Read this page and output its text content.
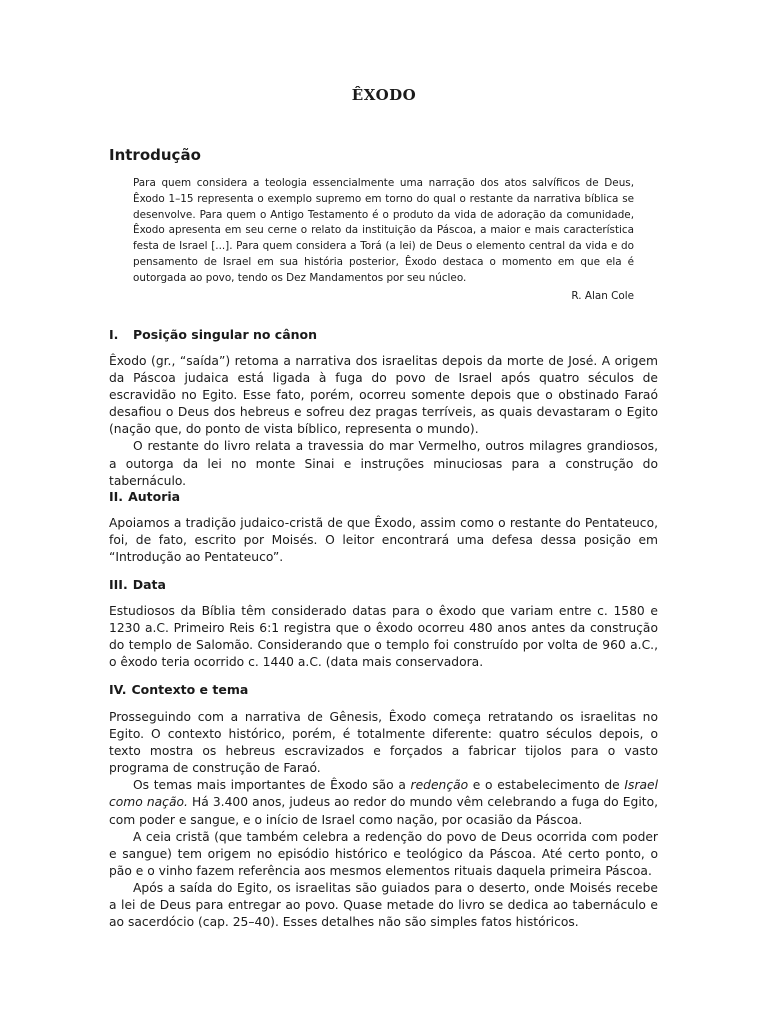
ÊXODO
Introdução
Para quem considera a teologia essencialmente uma narração dos atos salvíficos de Deus, Êxodo 1–15 representa o exemplo supremo em torno do qual o restante da narrativa bíblica se desenvolve. Para quem o Antigo Testamento é o produto da vida de adoração da comunidade, Êxodo apresenta em seu cerne o relato da instituição da Páscoa, a maior e mais característica festa de Israel [...]. Para quem considera a Torá (a lei) de Deus o elemento central da vida e do pensamento de Israel em sua história posterior, Êxodo destaca o momento em que ela é outorgada ao povo, tendo os Dez Mandamentos por seu núcleo.
R. Alan Cole
I. Posição singular no cânon

Êxodo (gr., “saída”) retoma a narrativa dos israelitas depois da morte de José. A origem da Páscoa judaica está ligada à fuga do povo de Israel após quatro séculos de escravidão no Egito. Esse fato, porém, ocorreu somente depois que o obstinado Faraó desafiou o Deus dos hebreus e sofreu dez pragas terríveis, as quais devastaram o Egito (nação que, do ponto de vista bíblico, representa o mundo).

O restante do livro relata a travessia do mar Vermelho, outros milagres grandiosos, a outorga da lei no monte Sinai e instruções minuciosas para a construção do tabernáculo.

II. Autoria

Apoiamos a tradição judaico-cristã de que Êxodo, assim como o restante do Pentateuco, foi, de fato, escrito por Moisés. O leitor encontrará uma defesa dessa posição em “Introdução ao Pentateuco”.

III. Data

Estudiosos da Bíblia têm considerado datas para o êxodo que variam entre c. 1580 e 1230 a.C. Primeiro Reis 6:1 registra que o êxodo ocorreu 480 anos antes da construção do templo de Salomão. Considerando que o templo foi construído por volta de 960 a.C., o êxodo teria ocorrido c. 1440 a.C. (data mais conservadora.

IV. Contexto e tema

Prosseguindo com a narrativa de Gênesis, Êxodo começa retratando os israelitas no Egito. O contexto histórico, porém, é totalmente diferente: quatro séculos depois, o texto mostra os hebreus escravizados e forçados a fabricar tijolos para o vasto programa de construção de Faraó.

Os temas mais importantes de Êxodo são a redenção e o estabelecimento de Israel como nação. Há 3.400 anos, judeus ao redor do mundo vêm celebrando a fuga do Egito, com poder e sangue, e o início de Israel como nação, por ocasião da Páscoa.

A ceia cristã (que também celebra a redenção do povo de Deus ocorrida com poder e sangue) tem origem no episódio histórico e teológico da Páscoa. Até certo ponto, o pão e o vinho fazem referência aos mesmos elementos rituais daquela primeira Páscoa.

Após a saída do Egito, os israelitas são guiados para o deserto, onde Moisés recebe a lei de Deus para entregar ao povo. Quase metade do livro se dedica ao tabernáculo e ao sacerdócio (cap. 25–40). Esses detalhes não são simples fatos históricos.
